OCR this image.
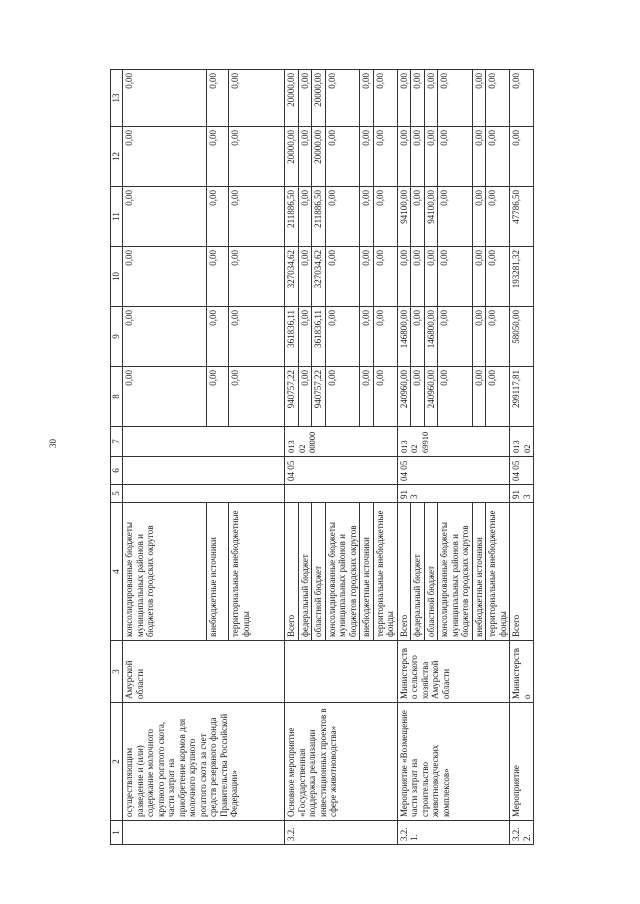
30
1	2	3	4	5	6	7	8	9	10	11	12	13
	осуществляющим разведение и (или) содержание молочного крупного рогатого скота, части затрат на приобретение кормов для молочного крупного рогатого скота за счет средств резервного фонда Правительства Российской Федерации»	Амурской области	консолидированные бюджеты муниципальных районов и бюджетов городских округов				0,00	0,00	0,00	0,00	0,00	0,00
			внебюджетные источники				0,00	0,00	0,00	0,00	0,00	0,00
			территориальные внебюджетные фонды				0,00	0,00	0,00	0,00	0,00	0,00
3.2.	Основное мероприятие «Государственная поддержка реализации инвестиционных проектов в сфере животноводства»		Всего		04 05	013 02 00000	940757,22	361836,11	327034,62	211886,50	20000,00	20000,00
			федеральный бюджет				0,00	0,00	0,00	0,00	0,00	0,00
			областной бюджет				940757,22	361836,11	327034,62	211886,50	20000,00	20000,00
			консолидированные бюджеты муниципальных районов и бюджетов городских округов				0,00	0,00	0,00	0,00	0,00	0,00
			внебюджетные источники				0,00	0,00	0,00	0,00	0,00	0,00
			территориальные внебюджетные фонды				0,00	0,00	0,00	0,00	0,00	0,00
3.2.1.	Мероприятие «Возмещение части затрат на строительство животноводческих комплексов»	Министерство сельского хозяйства Амурской области	Всего	913	04 05	013 02 69910	240960,00	146800,00	0,00	94100,00	0,00	0,00
			федеральный бюджет				0,00	0,00	0,00	0,00	0,00	0,00
			областной бюджет				240960,00	146800,00	0,00	94100,00	0,00	0,00
			консолидированные бюджеты муниципальных районов и бюджетов городских округов				0,00	0,00	0,00	0,00	0,00	0,00
			внебюджетные источники				0,00	0,00	0,00	0,00	0,00	0,00
			территориальные внебюджетные фонды				0,00	0,00	0,00	0,00	0,00	0,00
3.2.2.	Мероприятие	Министерство	Всего	913	04 05	013 02	299117,81	58050,00	193281,32	47786,50	0,00	0,00
